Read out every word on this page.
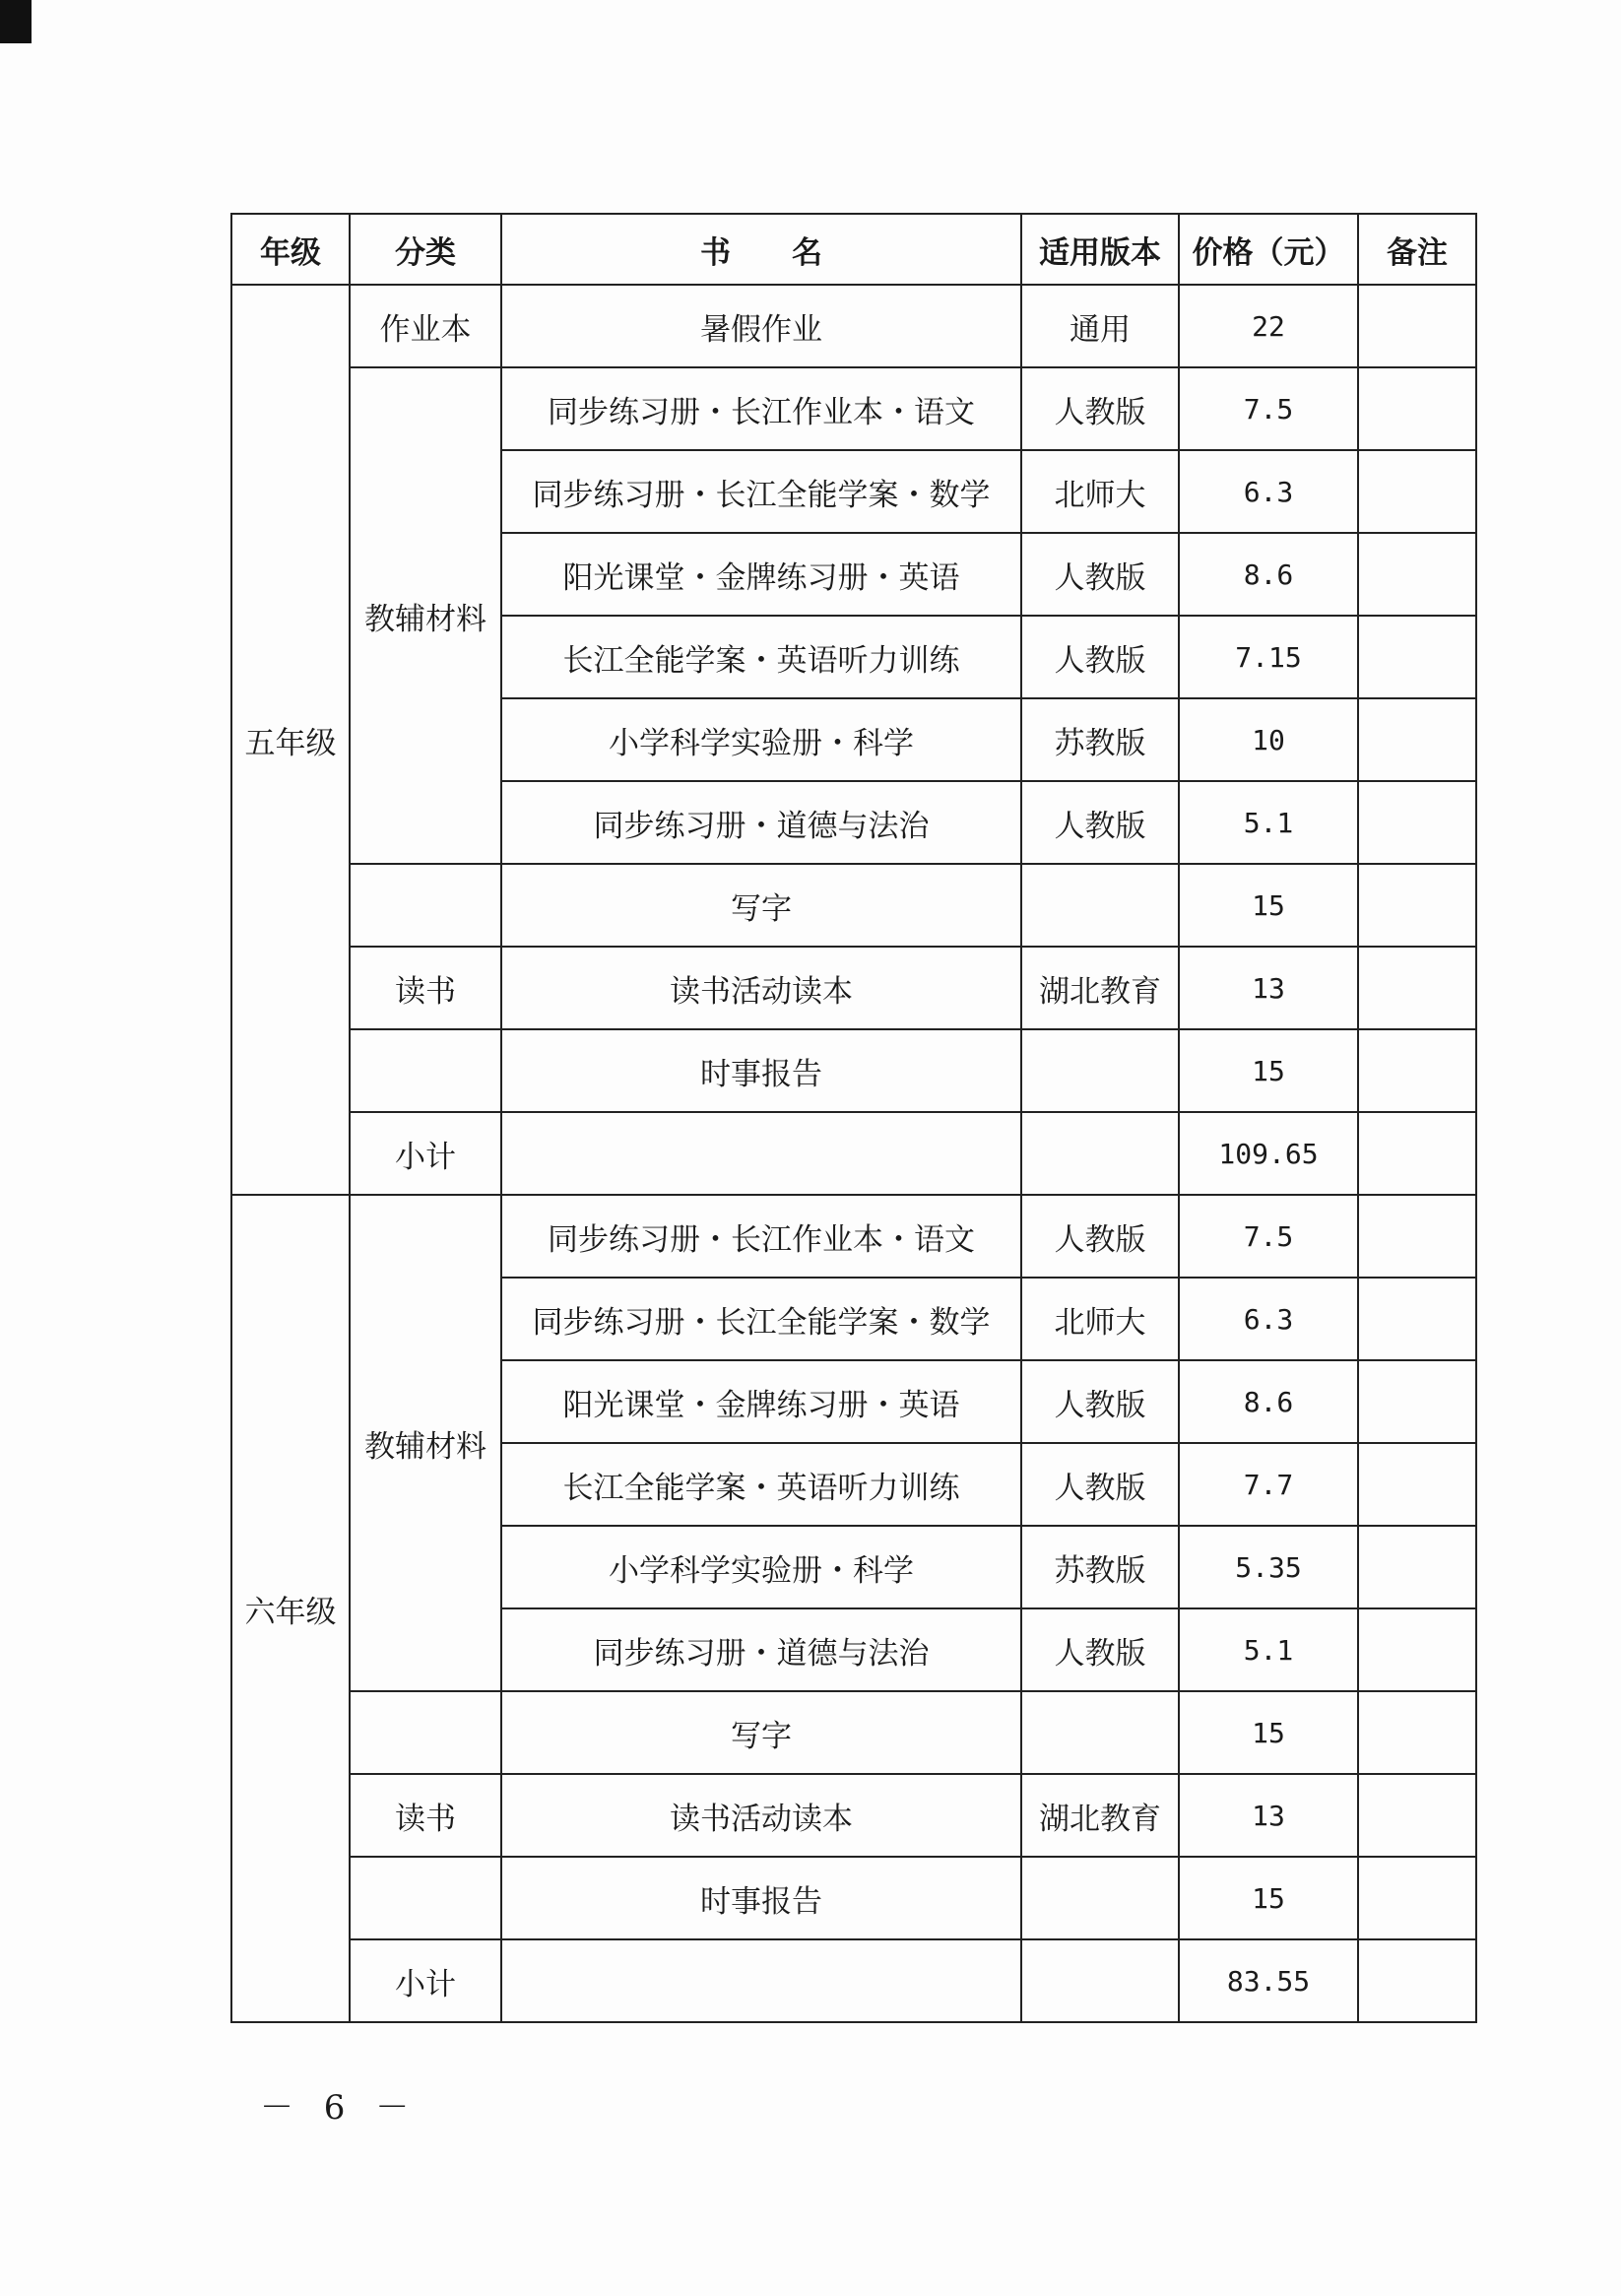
年级	分类	书　　名	适用版本	价格（元）	备注
五年级	作业本	暑假作业	通用	22	
	教辅材料	同步练习册・长江作业本・语文	人教版	7.5	
		同步练习册・长江全能学案・数学	北师大	6.3	
		阳光课堂・金牌练习册・英语	人教版	8.6	
		长江全能学案・英语听力训练	人教版	7.15	
		小学科学实验册・科学	苏教版	10	
		同步练习册・道德与法治	人教版	5.1	
		写字		15	
	读书	读书活动读本	湖北教育	13	
		时事报告		15	
	小计			109.65	
六年级	教辅材料	同步练习册・长江作业本・语文	人教版	7.5	
		同步练习册・长江全能学案・数学	北师大	6.3	
		阳光课堂・金牌练习册・英语	人教版	8.6	
		长江全能学案・英语听力训练	人教版	7.7	
		小学科学实验册・科学	苏教版	5.35	
		同步练习册・道德与法治	人教版	5.1	
		写字		15	
	读书	读书活动读本	湖北教育	13	
		时事报告		15	
	小计			83.55	
－ 6 －
